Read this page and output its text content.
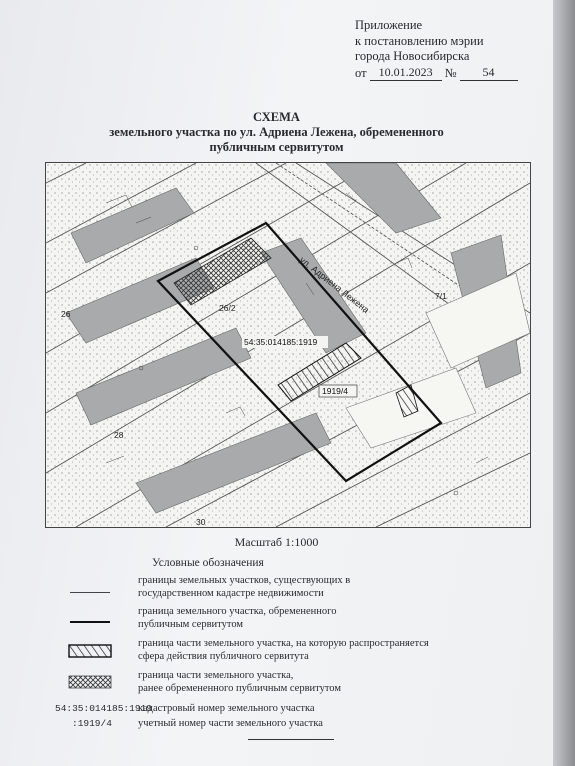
Приложение
к постановлению мэрии
города Новосибирска
от	10.01.2023 №	54
СХЕМА
земельного участка по ул. Адриена Лежена, обремененного
публичным сервитутом
ул. Адриена Лежена
26/2
7/1
26
28
30
54:35:014185:1919
1919/4
Масштаб 1:1000
Условные обозначения
границы земельных участков, существующих в
государственном кадастре недвижимости
граница земельного участка, обремененного
публичным сервитутом
граница части земельного участка, на которую распространяется
сфера действия публичного сервитута
граница части земельного участка,
ранее обремененного публичным сервитутом
54:35:014185:1919
кадастровый номер земельного участка
:1919/4 учетный номер части земельного участка
